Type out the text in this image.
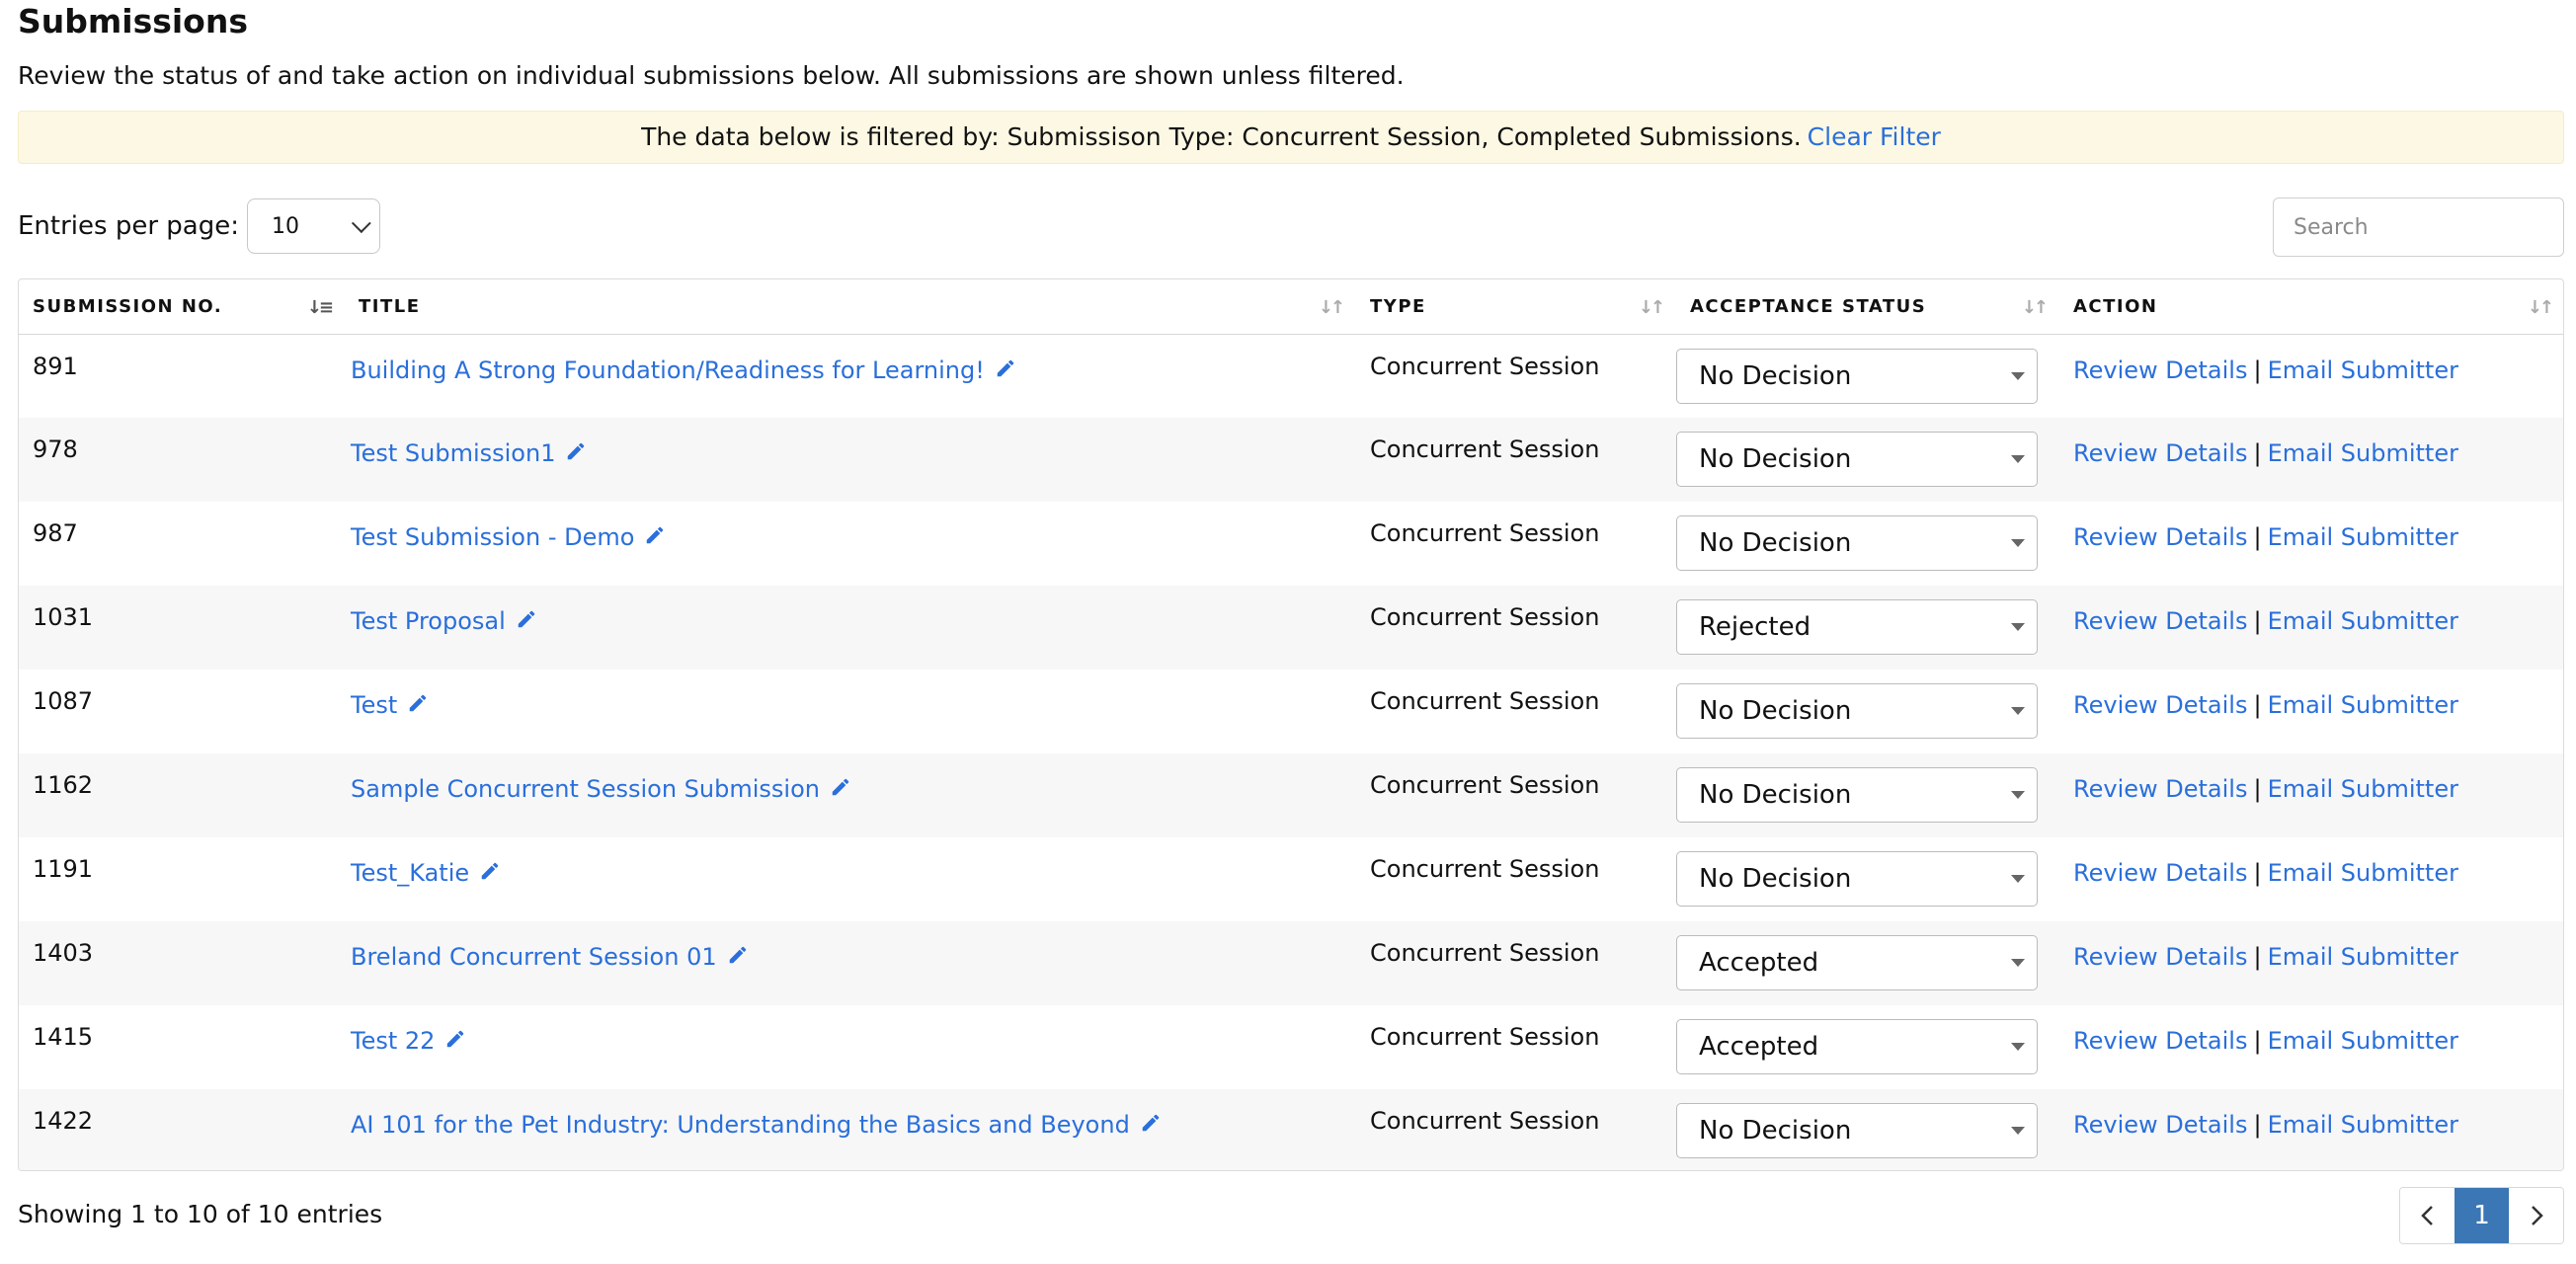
Submissions
Review the status of and take action on individual submissions below. All submissions are shown unless filtered.
The data below is filtered by: Submissison Type: Concurrent Session, Completed Submissions. Clear Filter
Entries per page: 10
Search
SUBMISSION NO. ↓≡	TITLE ↓↑	TYPE ↓↑	ACCEPTANCE STATUS ↓↑	ACTION ↓↑

891	Building A Strong Foundation/Readiness for Learning!	Concurrent Session	No Decision	Review Details | Email Submitter
978	Test Submission1	Concurrent Session	No Decision	Review Details | Email Submitter
987	Test Submission - Demo	Concurrent Session	No Decision	Review Details | Email Submitter
1031	Test Proposal	Concurrent Session	Rejected	Review Details | Email Submitter
1087	Test	Concurrent Session	No Decision	Review Details | Email Submitter
1162	Sample Concurrent Session Submission	Concurrent Session	No Decision	Review Details | Email Submitter
1191	Test_Katie	Concurrent Session	No Decision	Review Details | Email Submitter
1403	Breland Concurrent Session 01	Concurrent Session	Accepted	Review Details | Email Submitter
1415	Test 22	Concurrent Session	Accepted	Review Details | Email Submitter
1422	AI 101 for the Pet Industry: Understanding the Basics and Beyond	Concurrent Session	No Decision	Review Details | Email Submitter
Showing 1 to 10 of 10 entries	1
